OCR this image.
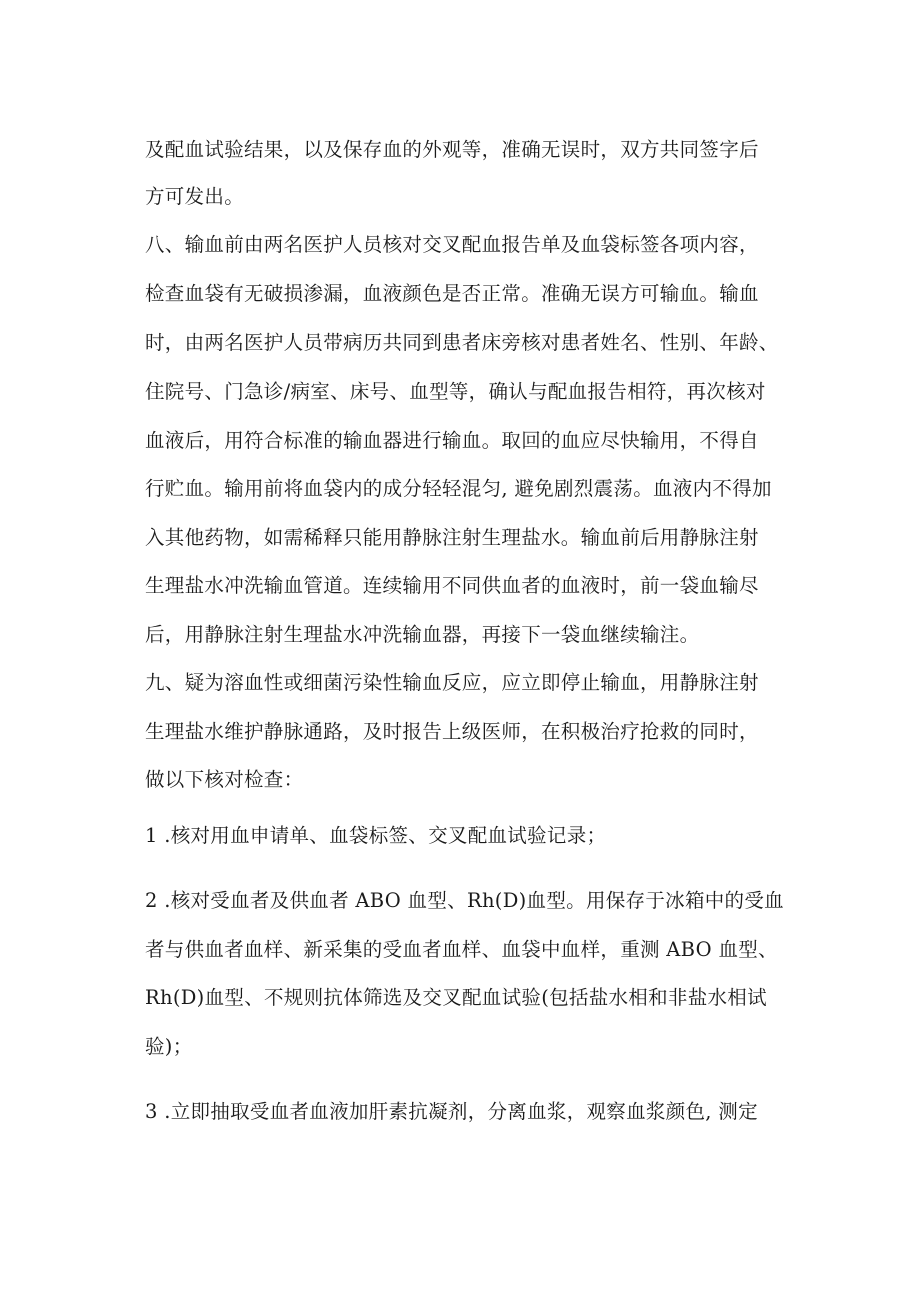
及配血试验结果，以及保存血的外观等，准确无误时，双方共同签字后
方可发出。
八、输血前由两名医护人员核对交叉配血报告单及血袋标签各项内容，
检查血袋有无破损渗漏，血液颜色是否正常。准确无误方可输血。输血
时，由两名医护人员带病历共同到患者床旁核对患者姓名、性别、年龄、
住院号、门急诊/病室、床号、血型等，确认与配血报告相符，再次核对
血液后，用符合标准的输血器进行输血。取回的血应尽快输用，不得自
行贮血。输用前将血袋内的成分轻轻混匀, 避免剧烈震荡。血液内不得加
入其他药物，如需稀释只能用静脉注射生理盐水。输血前后用静脉注射
生理盐水冲洗输血管道。连续输用不同供血者的血液时，前一袋血输尽
后，用静脉注射生理盐水冲洗输血器，再接下一袋血继续输注。
九、疑为溶血性或细菌污染性输血反应，应立即停止输血，用静脉注射
生理盐水维护静脉通路，及时报告上级医师，在积极治疗抢救的同时，
做以下核对检查：
1 .核对用血申请单、血袋标签、交叉配血试验记录；
2 .核对受血者及供血者 ABO 血型、Rh(D)血型。用保存于冰箱中的受血
者与供血者血样、新采集的受血者血样、血袋中血样，重测 ABO 血型、
Rh(D)血型、不规则抗体筛选及交叉配血试验(包括盐水相和非盐水相试
验)；
3 .立即抽取受血者血液加肝素抗凝剂，分离血浆，观察血浆颜色, 测定
